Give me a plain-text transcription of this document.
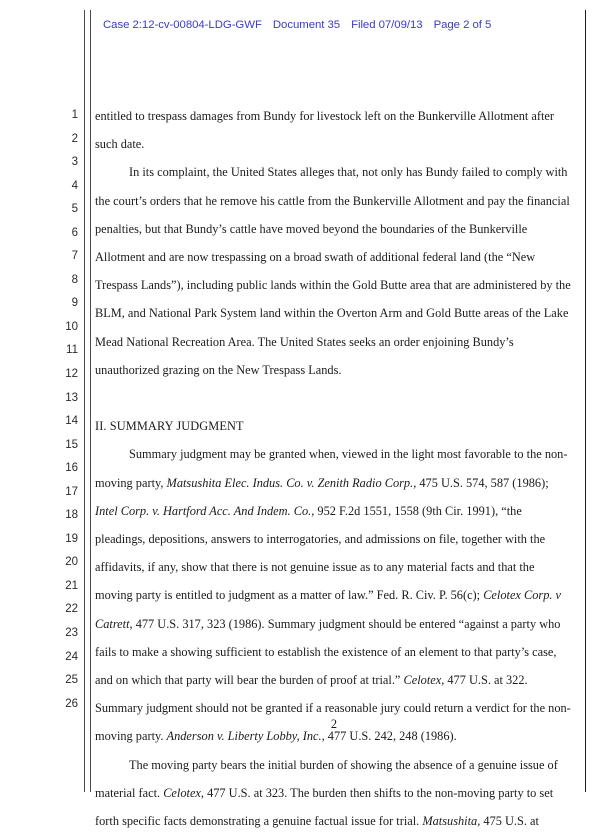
Case 2:12-cv-00804-LDG-GWF Document 35 Filed 07/09/13 Page 2 of 5
1
2
3
4
5
6
7
8
9
10
11
12
13
14
15
16
17
18
19
20
21
22
23
24
25
26

entitled to trespass damages from Bundy for livestock left on the Bunkerville Allotment after such date.

In its complaint, the United States alleges that, not only has Bundy failed to comply with the court’s orders that he remove his cattle from the Bunkerville Allotment and pay the financial penalties, but that Bundy’s cattle have moved beyond the boundaries of the Bunkerville Allotment and are now trespassing on a broad swath of additional federal land (the “New Trespass Lands”), including public lands within the Gold Butte area that are administered by the BLM, and National Park System land within the Overton Arm and Gold Butte areas of the Lake Mead National Recreation Area. The United States seeks an order enjoining Bundy’s unauthorized grazing on the New Trespass Lands.

II. SUMMARY JUDGMENT

Summary judgment may be granted when, viewed in the light most favorable to the non-moving party, Matsushita Elec. Indus. Co. v. Zenith Radio Corp., 475 U.S. 574, 587 (1986); Intel Corp. v. Hartford Acc. And Indem. Co., 952 F.2d 1551, 1558 (9th Cir. 1991), “the pleadings, depositions, answers to interrogatories, and admissions on file, together with the affidavits, if any, show that there is not genuine issue as to any material facts and that the moving party is entitled to judgment as a matter of law.” Fed. R. Civ. P. 56(c); Celotex Corp. v Catrett, 477 U.S. 317, 323 (1986). Summary judgment should be entered “against a party who fails to make a showing sufficient to establish the existence of an element to that party’s case, and on which that party will bear the burden of proof at trial.” Celotex, 477 U.S. at 322. Summary judgment should not be granted if a reasonable jury could return a verdict for the non-moving party. Anderson v. Liberty Lobby, Inc., 477 U.S. 242, 248 (1986).

The moving party bears the initial burden of showing the absence of a genuine issue of material fact. Celotex, 477 U.S. at 323. The burden then shifts to the non-moving party to set forth specific facts demonstrating a genuine factual issue for trial. Matsushita, 475 U.S. at

2
